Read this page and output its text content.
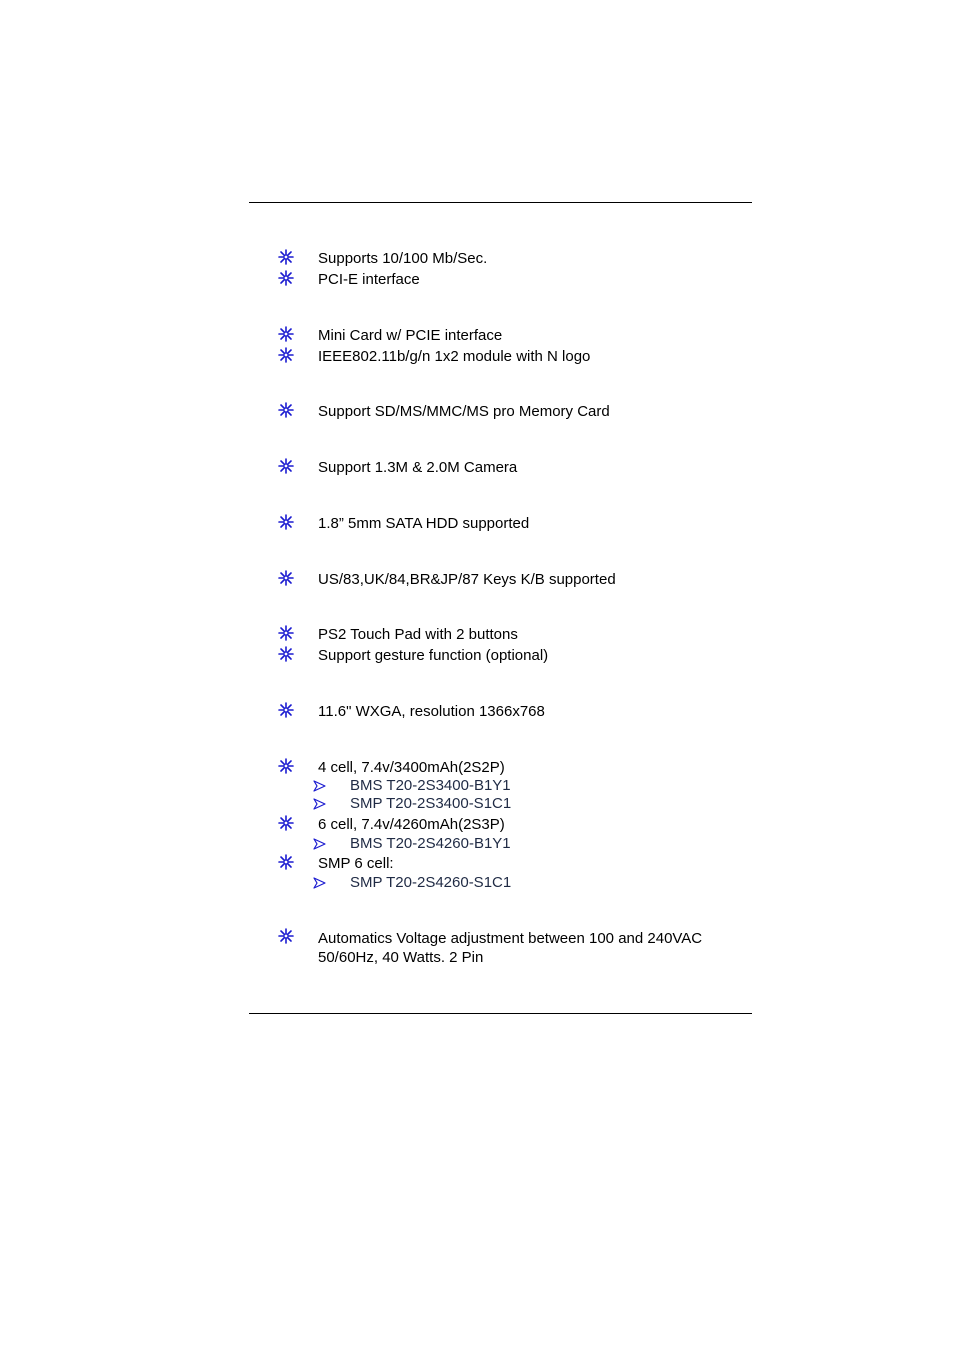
Supports 10/100 Mb/Sec.
PCI-E interface
Mini Card w/ PCIE interface
IEEE802.11b/g/n 1x2 module with N logo
Support SD/MS/MMC/MS pro Memory Card
Support 1.3M & 2.0M Camera
1.8” 5mm SATA HDD supported
US/83,UK/84,BR&JP/87 Keys K/B supported
PS2 Touch Pad with 2 buttons
Support gesture function (optional)
11.6" WXGA, resolution 1366x768
4 cell, 7.4v/3400mAh(2S2P)
BMS T20-2S3400-B1Y1
SMP T20-2S3400-S1C1
6 cell, 7.4v/4260mAh(2S3P)
BMS T20-2S4260-B1Y1
SMP 6 cell:
SMP T20-2S4260-S1C1
Automatics Voltage adjustment between 100 and 240VAC 50/60Hz, 40 Watts. 2 Pin
